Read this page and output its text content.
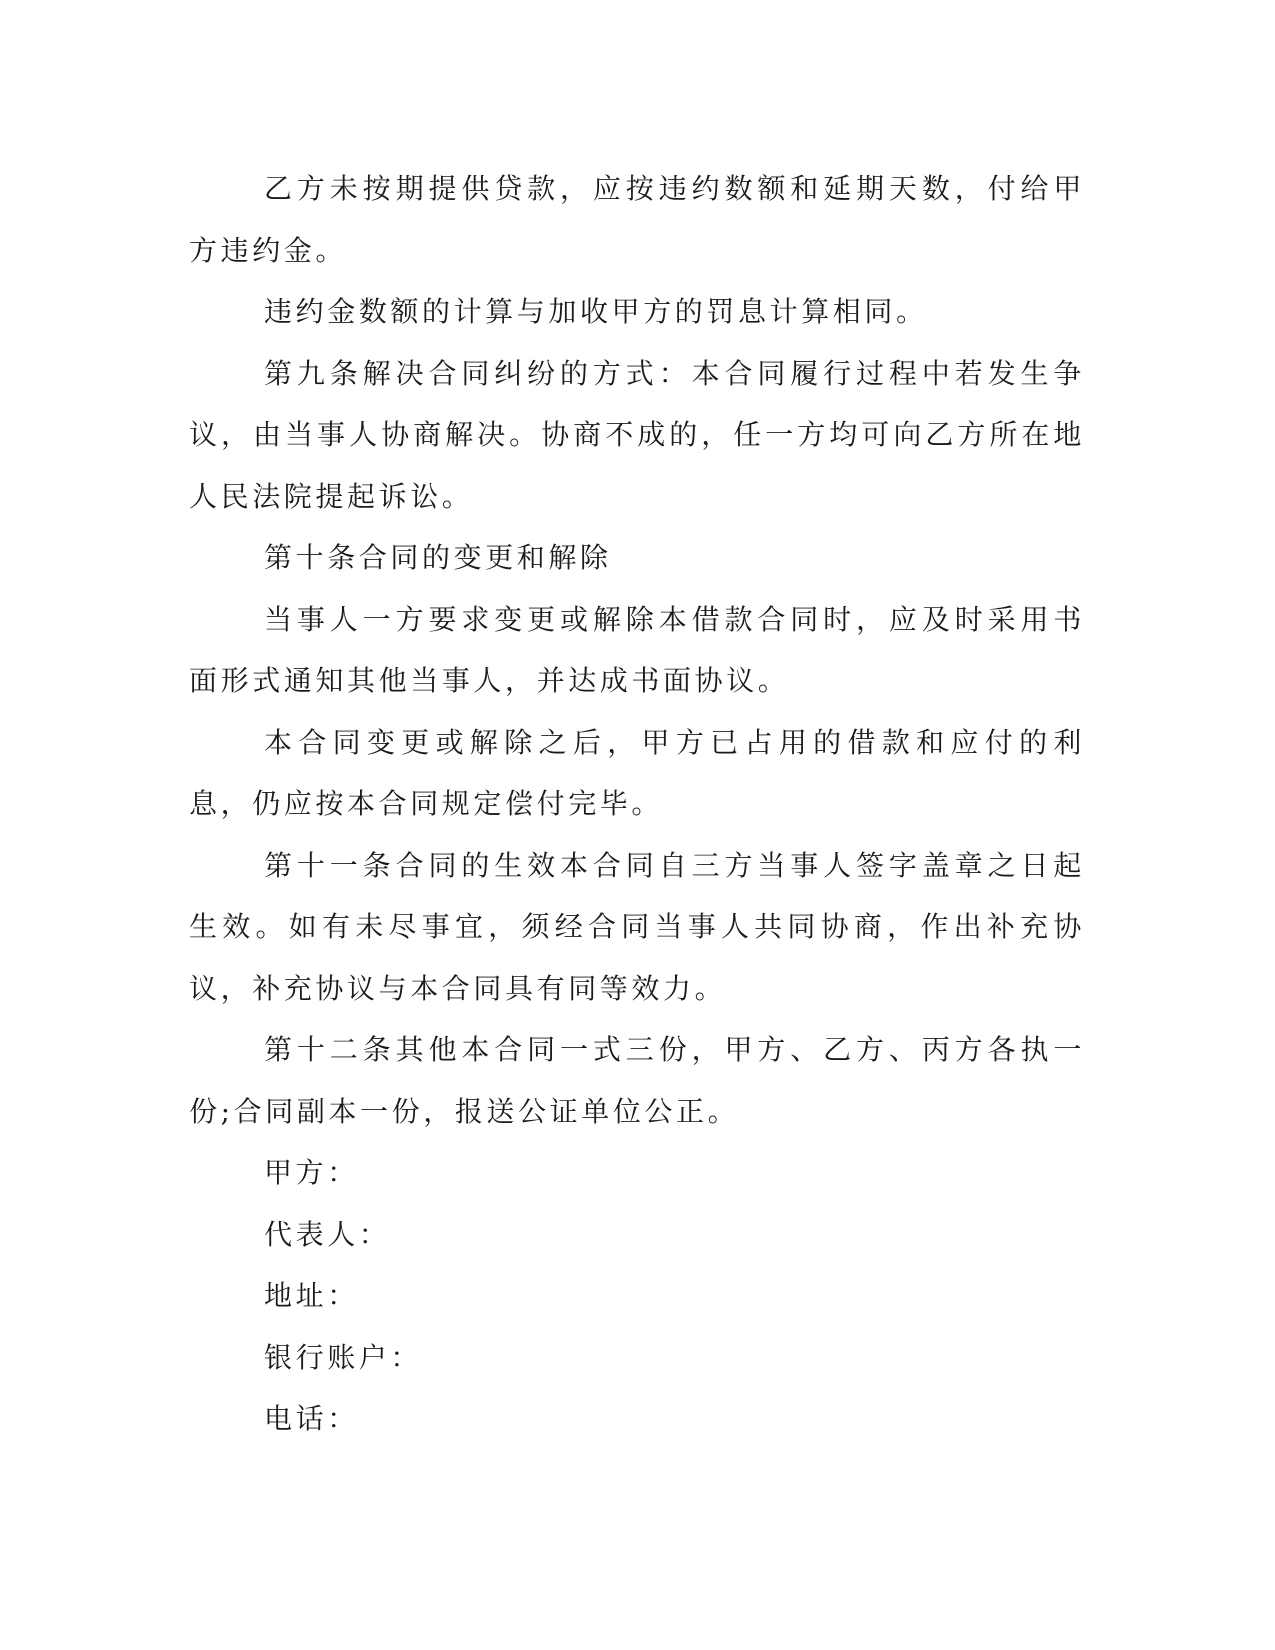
乙方未按期提供贷款，应按违约数额和延期天数，付给甲方违约金。

违约金数额的计算与加收甲方的罚息计算相同。

第九条解决合同纠纷的方式：本合同履行过程中若发生争议，由当事人协商解决。协商不成的，任一方均可向乙方所在地人民法院提起诉讼。

第十条合同的变更和解除

当事人一方要求变更或解除本借款合同时，应及时采用书面形式通知其他当事人，并达成书面协议。

本合同变更或解除之后，甲方已占用的借款和应付的利息，仍应按本合同规定偿付完毕。

第十一条合同的生效本合同自三方当事人签字盖章之日起生效。如有未尽事宜，须经合同当事人共同协商，作出补充协议，补充协议与本合同具有同等效力。

第十二条其他本合同一式三份，甲方、乙方、丙方各执一份;合同副本一份，报送公证单位公正。

甲方：

代表人：

地址：

银行账户：

电话：
